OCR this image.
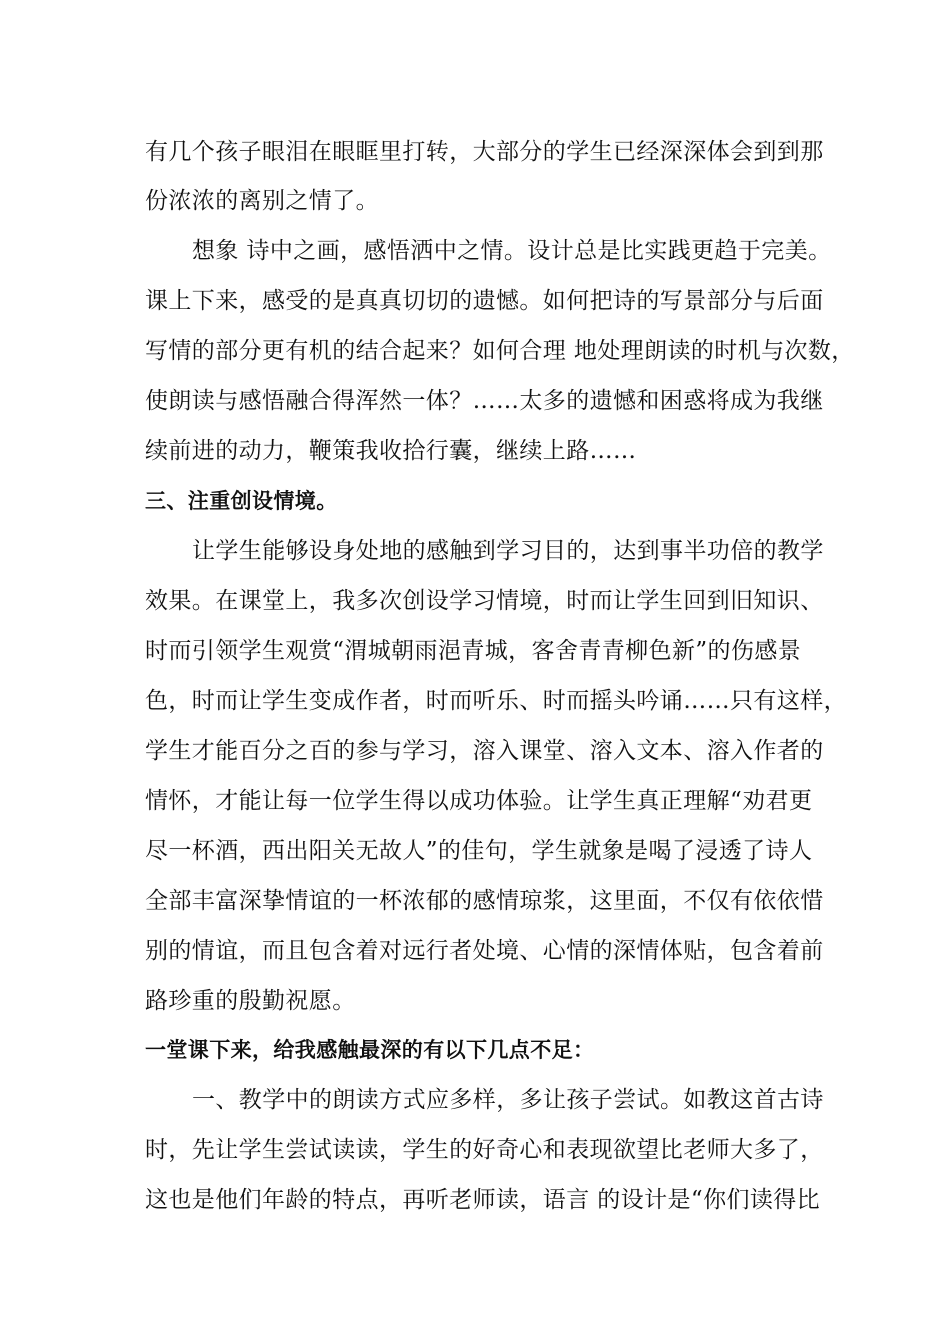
有几个孩子眼泪在眼眶里打转，大部分的学生已经深深体会到到那
份浓浓的离别之情了。
想象 诗中之画，感悟洒中之情。设计总是比实践更趋于完美。
课上下来，感受的是真真切切的遗憾。如何把诗的写景部分与后面
写情的部分更有机的结合起来？如何合理 地处理朗读的时机与次数，
使朗读与感悟融合得浑然一体？……太多的遗憾和困惑将成为我继
续前进的动力，鞭策我收拾行囊，继续上路……
三、注重创设情境。
让学生能够设身处地的感触到学习目的，达到事半功倍的教学
效果。在课堂上，我多次创设学习情境，时而让学生回到旧知识、
时而引领学生观赏“渭城朝雨浥青城，客舍青青柳色新”的伤感景
色，时而让学生变成作者，时而听乐、时而摇头吟诵……只有这样，
学生才能百分之百的参与学习，溶入课堂、溶入文本、溶入作者的
情怀，才能让每一位学生得以成功体验。让学生真正理解“劝君更
尽一杯酒，西出阳关无故人”的佳句，学生就象是喝了浸透了诗人
全部丰富深挚情谊的一杯浓郁的感情琼浆，这里面，不仅有依依惜
别的情谊，而且包含着对远行者处境、心情的深情体贴，包含着前
路珍重的殷勤祝愿。
一堂课下来，给我感触最深的有以下几点不足：
一、教学中的朗读方式应多样，多让孩子尝试。如教这首古诗
时，先让学生尝试读读，学生的好奇心和表现欲望比老师大多了，
这也是他们年龄的特点，再听老师读，语言 的设计是“你们读得比
